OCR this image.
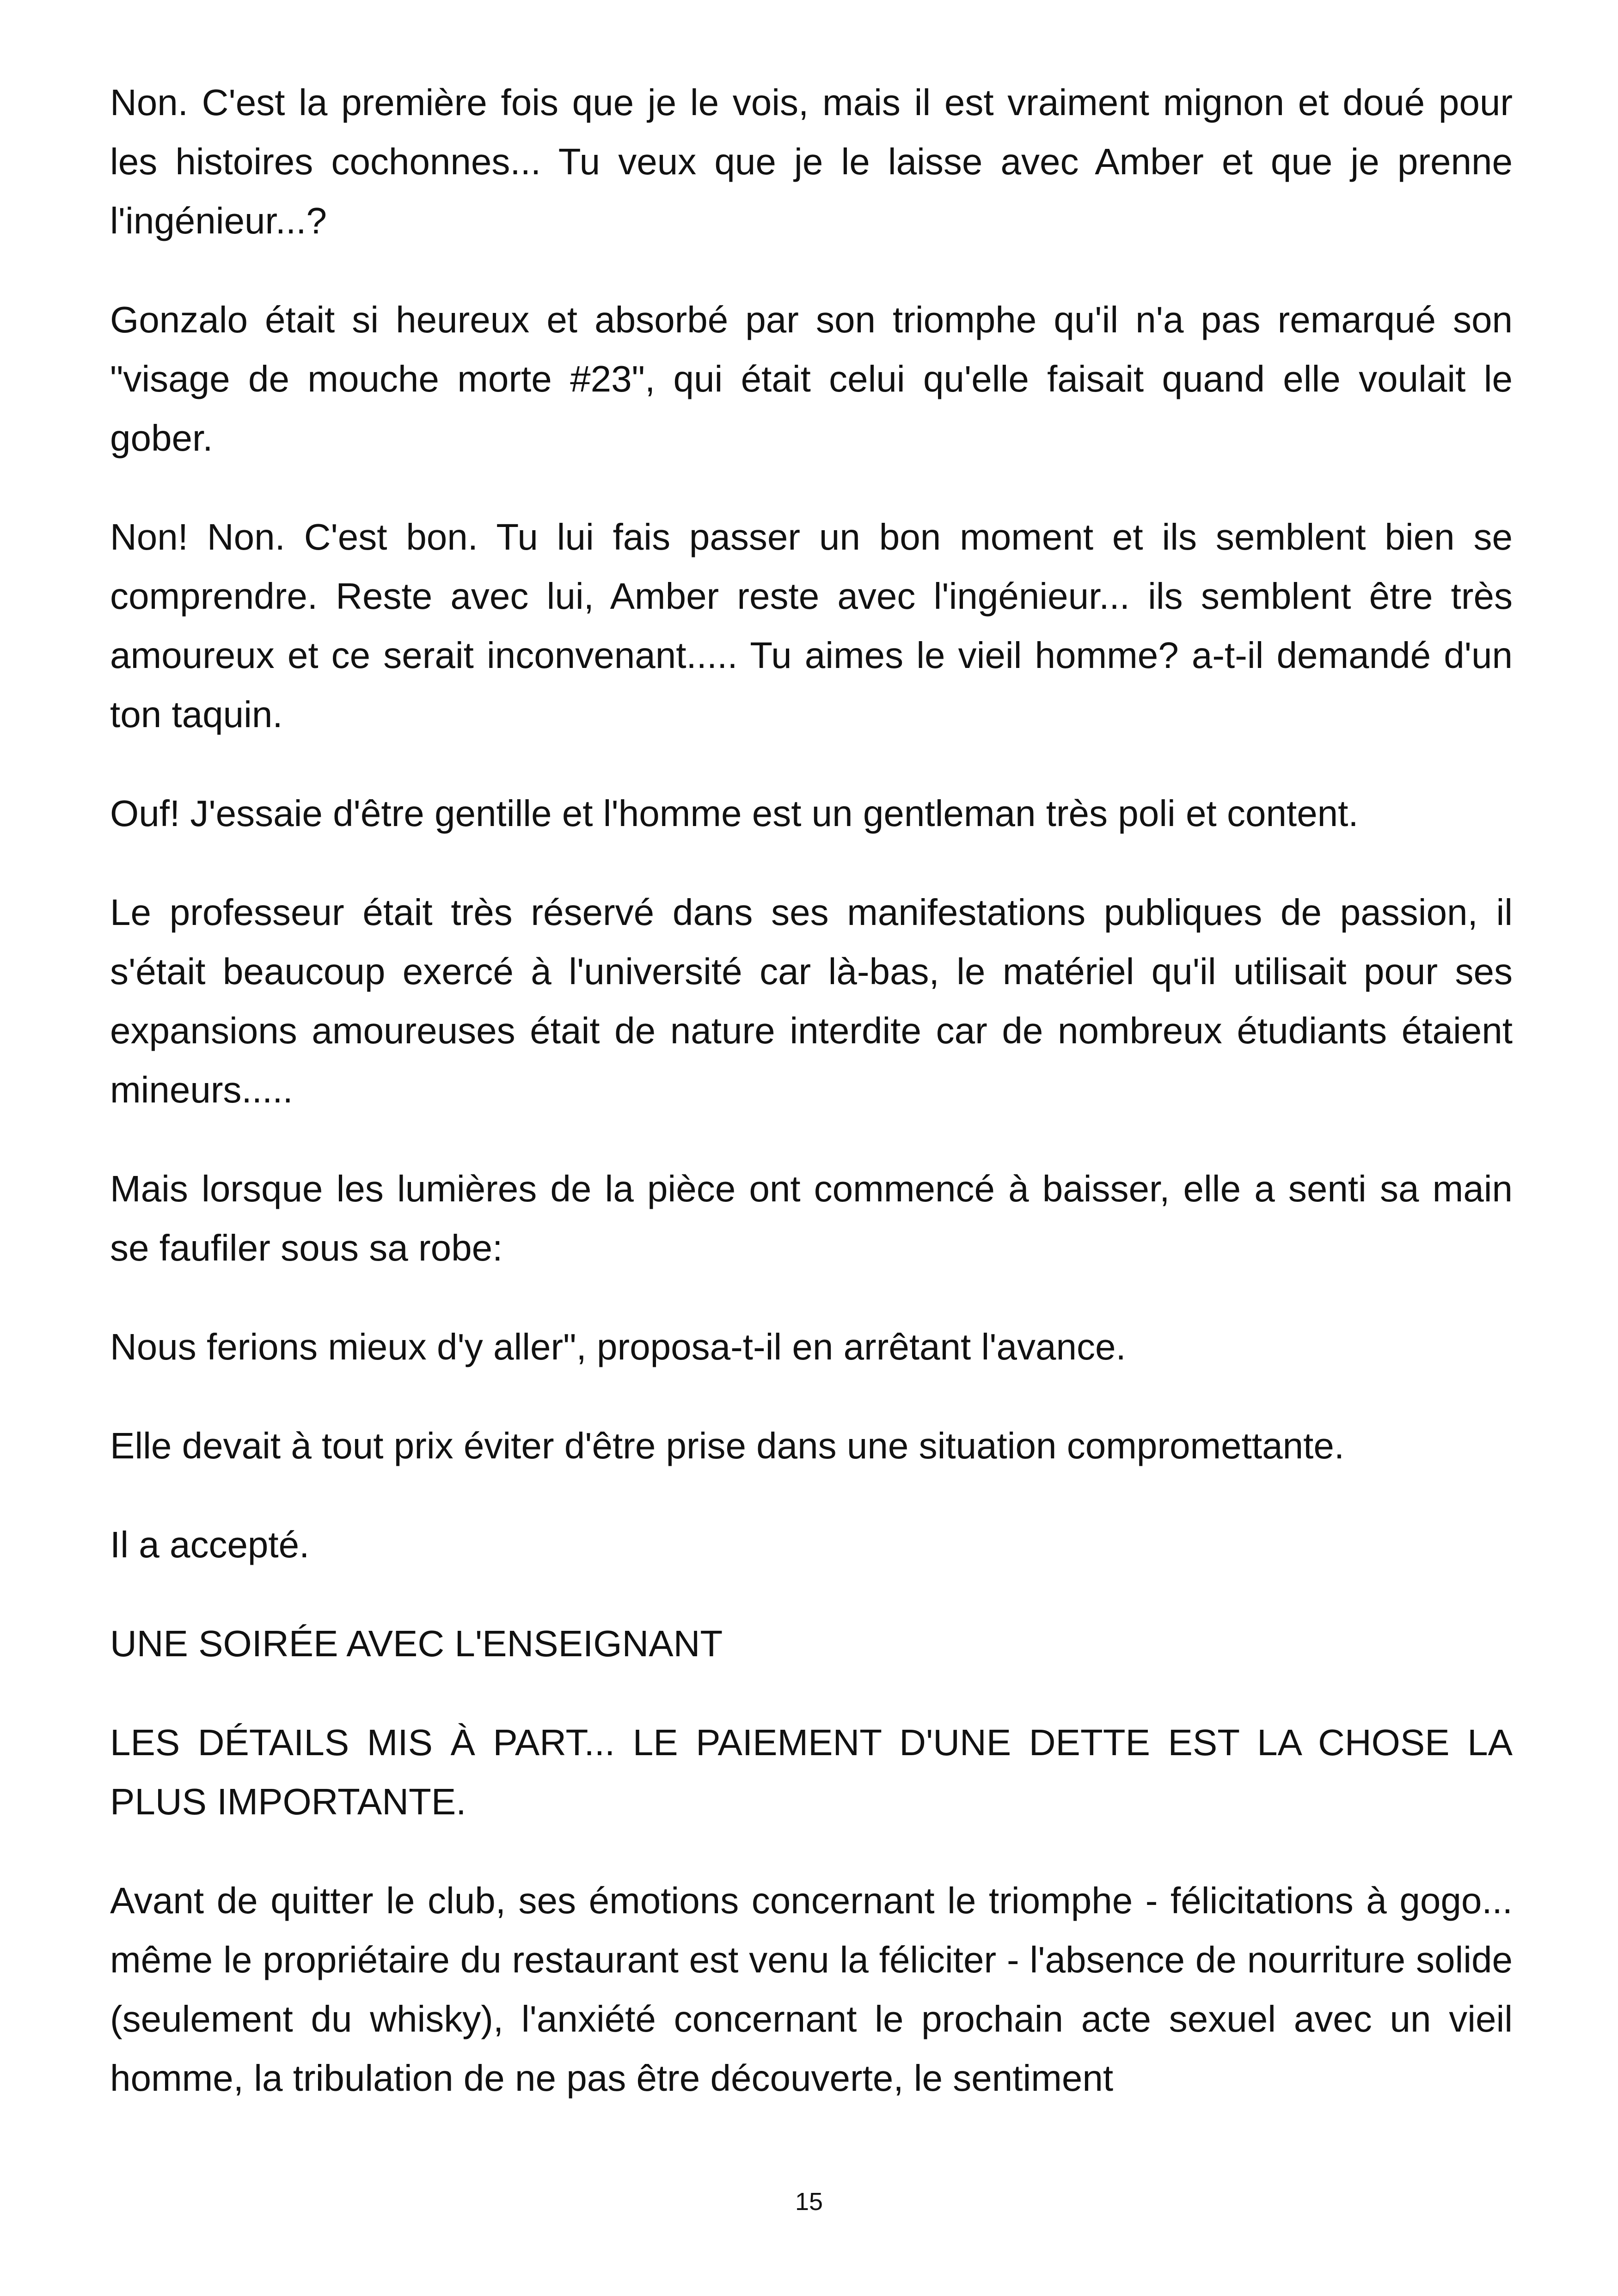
Non. C'est la première fois que je le vois, mais il est vraiment mignon et doué pour les histoires cochonnes... Tu veux que je le laisse avec Amber et que je prenne l'ingénieur...?

Gonzalo était si heureux et absorbé par son triomphe qu'il n'a pas remarqué son "visage de mouche morte #23", qui était celui qu'elle faisait quand elle voulait le gober.

Non! Non. C'est bon. Tu lui fais passer un bon moment et ils semblent bien se comprendre. Reste avec lui, Amber reste avec l'ingénieur... ils semblent être très amoureux et ce serait inconvenant..... Tu aimes le vieil homme? a-t-il demandé d'un ton taquin.

Ouf! J'essaie d'être gentille et l'homme est un gentleman très poli et content.

Le professeur était très réservé dans ses manifestations publiques de passion, il s'était beaucoup exercé à l'université car là-bas, le matériel qu'il utilisait pour ses expansions amoureuses était de nature interdite car de nombreux étudiants étaient mineurs.....

Mais lorsque les lumières de la pièce ont commencé à baisser, elle a senti sa main se faufiler sous sa robe:

Nous ferions mieux d'y aller", proposa-t-il en arrêtant l'avance.

Elle devait à tout prix éviter d'être prise dans une situation compromettante.

Il a accepté.

UNE SOIRÉE AVEC L'ENSEIGNANT

LES DÉTAILS MIS À PART... LE PAIEMENT D'UNE DETTE EST LA CHOSE LA PLUS IMPORTANTE.

Avant de quitter le club, ses émotions concernant le triomphe - félicitations à gogo... même le propriétaire du restaurant est venu la féliciter - l'absence de nourriture solide (seulement du whisky), l'anxiété concernant le prochain acte sexuel avec un vieil homme, la tribulation de ne pas être découverte, le sentiment

15
